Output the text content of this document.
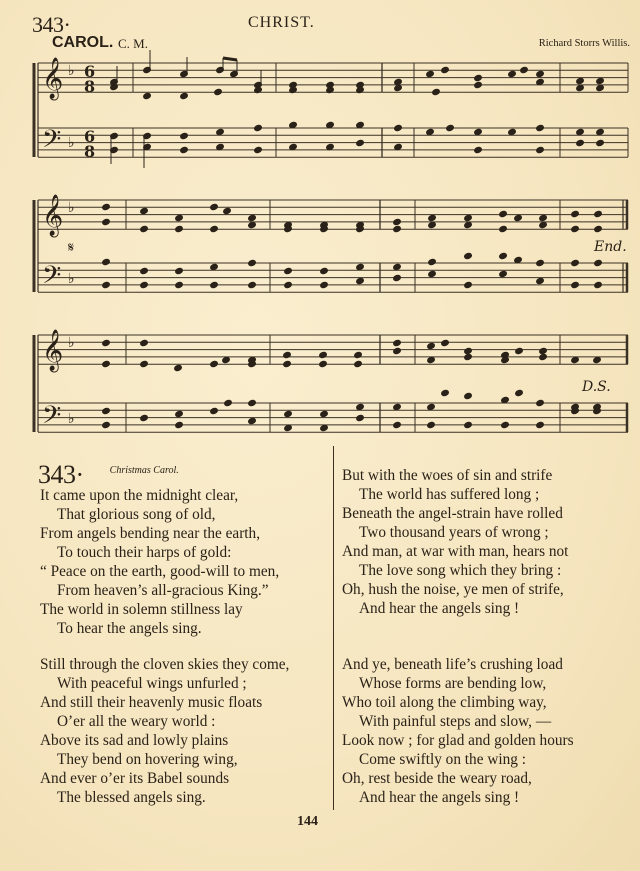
343·	CHRIST.
CAROL. C. M.	Richard Storrs Willis.
𝄞
𝄢
♭
♭
6
8
6
8
𝄞
𝄢
♭
♭
𝄋	End.
𝄞
𝄢
♭
♭
D.S.
343·	$^{Christmas Carol.}$
It came upon the midnight clear,
That glorious song of old,
From angels bending near the earth,
To touch their harps of gold:
“ Peace on the earth, good-will to men,
From heaven’s all-gracious King.”
The world in solemn stillness lay
To hear the angels sing.
Still through the cloven skies they come,
With peaceful wings unfurled ;
And still their heavenly music floats
O’er all the weary world :
Above its sad and lowly plains
They bend on hovering wing,
And ever o’er its Babel sounds
The blessed angels sing.
But with the woes of sin and strife
The world has suffered long ;
Beneath the angel-strain have rolled
Two thousand years of wrong ;
And man, at war with man, hears not
The love song which they bring :
Oh, hush the noise, ye men of strife,
And hear the angels sing !
And ye, beneath life’s crushing load
Whose forms are bending low,
Who toil along the climbing way,
With painful steps and slow, —
Look now ; for glad and golden hours
Come swiftly on the wing :
Oh, rest beside the weary road,
And hear the angels sing !
144
